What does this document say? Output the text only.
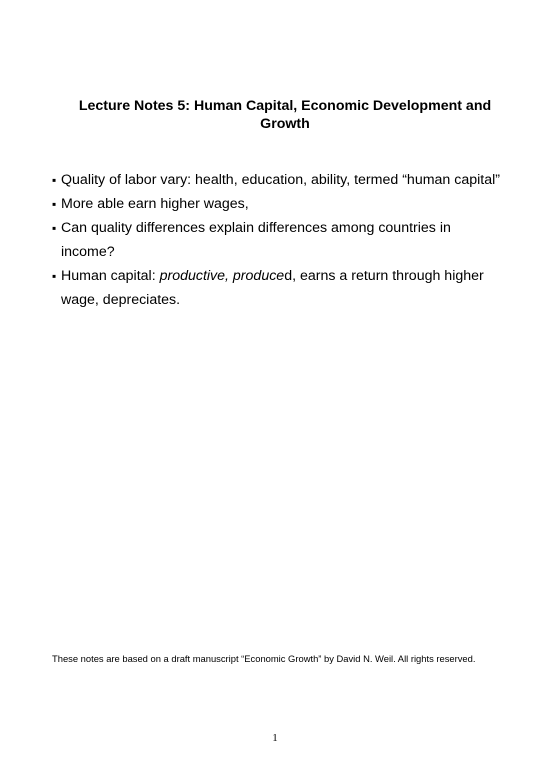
Lecture Notes 5: Human Capital, Economic Development and Growth
▪ Quality of labor vary: health, education, ability, termed “human capital”
▪ More able earn higher wages,
▪ Can quality differences explain differences among countries in income?
▪ Human capital: productive, produced, earns a return through higher wage, depreciates.
These notes are based on a draft manuscript “Economic Growth” by David N. Weil. All rights reserved.
1
